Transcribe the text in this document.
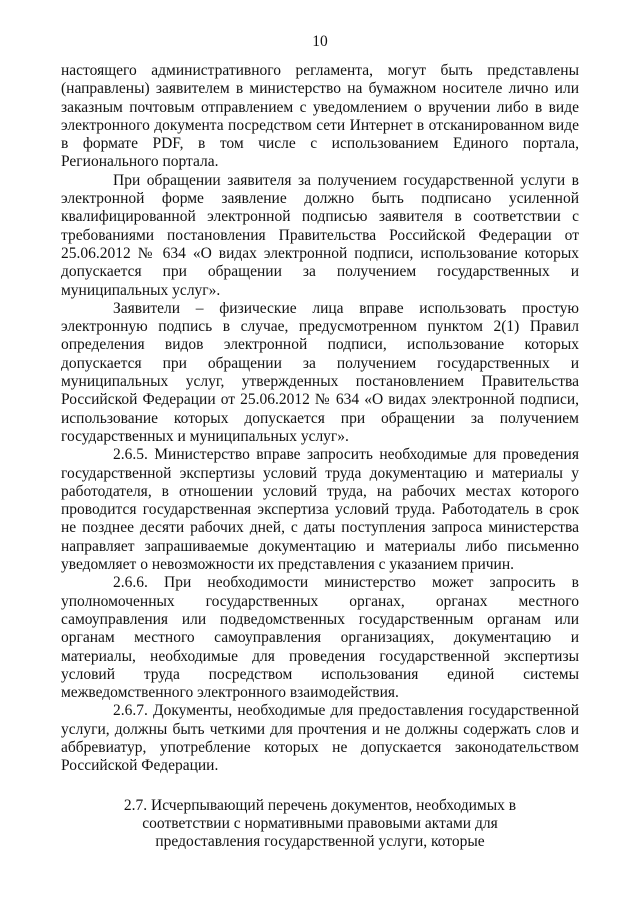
10

настоящего административного регламента, могут быть представлены (направлены) заявителем в министерство на бумажном носителе лично или заказным почтовым отправлением с уведомлением о вручении либо в виде электронного документа посредством сети Интернет в отсканированном виде в формате PDF, в том числе с использованием Единого портала, Регионального портала.

При обращении заявителя за получением государственной услуги в электронной форме заявление должно быть подписано усиленной квалифицированной электронной подписью заявителя в соответствии с требованиями постановления Правительства Российской Федерации от 25.06.2012 № 634 «О видах электронной подписи, использование которых допускается при обращении за получением государственных и муниципальных услуг».

Заявители – физические лица вправе использовать простую электронную подпись в случае, предусмотренном пунктом 2(1) Правил определения видов электронной подписи, использование которых допускается при обращении за получением государственных и муниципальных услуг, утвержденных постановлением Правительства Российской Федерации от 25.06.2012 № 634 «О видах электронной подписи, использование которых допускается при обращении за получением государственных и муниципальных услуг».

2.6.5. Министерство вправе запросить необходимые для проведения государственной экспертизы условий труда документацию и материалы у работодателя, в отношении условий труда, на рабочих местах которого проводится государственная экспертиза условий труда. Работодатель в срок не позднее десяти рабочих дней, с даты поступления запроса министерства направляет запрашиваемые документацию и материалы либо письменно уведомляет о невозможности их представления с указанием причин.

2.6.6. При необходимости министерство может запросить в уполномоченных государственных органах, органах местного самоуправления или подведомственных государственным органам или органам местного самоуправления организациях, документацию и материалы, необходимые для проведения государственной экспертизы условий труда посредством использования единой системы межведомственного электронного взаимодействия.

2.6.7. Документы, необходимые для предоставления государственной услуги, должны быть четкими для прочтения и не должны содержать слов и аббревиатур, употребление которых не допускается законодательством Российской Федерации.

2.7. Исчерпывающий перечень документов, необходимых в соответствии с нормативными правовыми актами для предоставления государственной услуги, которые
